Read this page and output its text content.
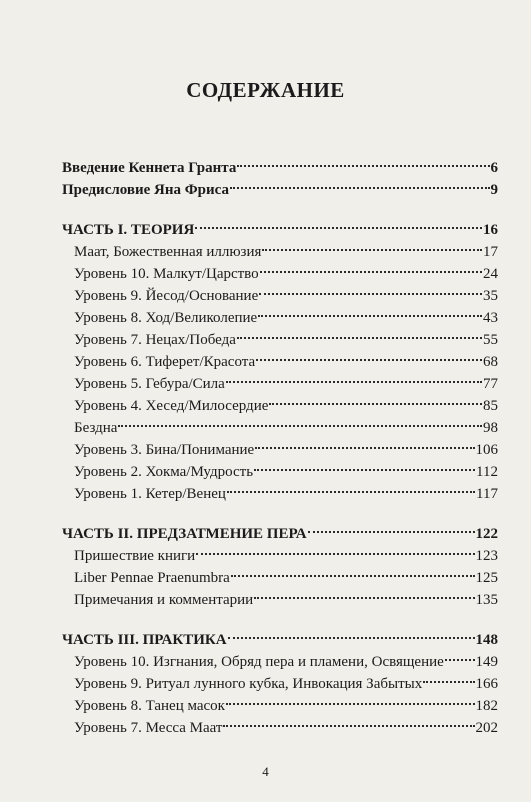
СОДЕРЖАНИЕ
Введение Кеннета Гранта	6
Предисловие Яна Фриса	9
ЧАСТЬ I. ТЕОРИЯ	16
Маат, Божественная иллюзия	17
Уровень 10. Малкут/Царство	24
Уровень 9. Йесод/Основание	35
Уровень 8. Ход/Великолепие	43
Уровень 7. Нецах/Победа	55
Уровень 6. Тиферет/Красота	68
Уровень 5. Гебура/Сила	77
Уровень 4. Хесед/Милосердие	85
Бездна	98
Уровень 3. Бина/Понимание	106
Уровень 2. Хокма/Мудрость	112
Уровень 1. Кетер/Венец	117
ЧАСТЬ II. ПРЕДЗАТМЕНИЕ ПЕРА	122
Пришествие книги	123
Liber Pennae Praenumbra	125
Примечания и комментарии	135
ЧАСТЬ III. ПРАКТИКА	148
Уровень 10. Изгнания, Обряд пера и пламени, Освящение 149
Уровень 9. Ритуал лунного кубка, Инвокация Забытых	166
Уровень 8. Танец масок	182
Уровень 7. Месса Маат	202
4
